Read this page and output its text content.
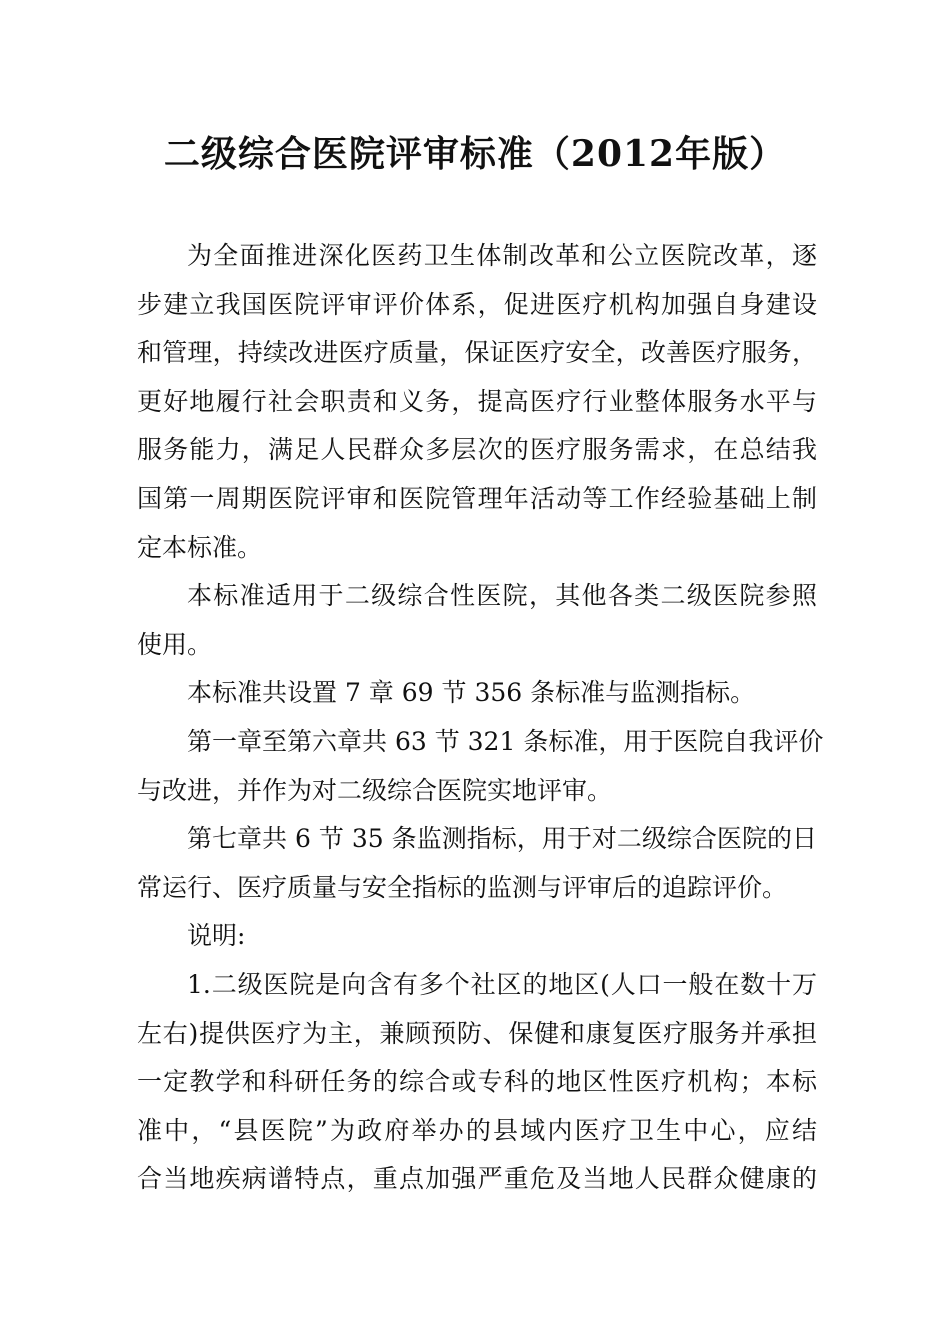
二级综合医院评审标准（2012年版）
为全面推进深化医药卫生体制改革和公立医院改革，逐
步建立我国医院评审评价体系，促进医疗机构加强自身建设
和管理，持续改进医疗质量，保证医疗安全，改善医疗服务，
更好地履行社会职责和义务，提高医疗行业整体服务水平与
服务能力，满足人民群众多层次的医疗服务需求，在总结我
国第一周期医院评审和医院管理年活动等工作经验基础上制
定本标准。
本标准适用于二级综合性医院，其他各类二级医院参照
使用。
本标准共设置 7 章 69 节 356 条标准与监测指标。
第一章至第六章共 63 节 321 条标准，用于医院自我评价
与改进，并作为对二级综合医院实地评审。
第七章共 6 节 35 条监测指标，用于对二级综合医院的日
常运行、医疗质量与安全指标的监测与评审后的追踪评价。
说明:
1.二级医院是向含有多个社区的地区(人口一般在数十万
左右)提供医疗为主，兼顾预防、保健和康复医疗服务并承担
一定教学和科研任务的综合或专科的地区性医疗机构；本标
准中，“县医院”为政府举办的县域内医疗卫生中心，应结
合当地疾病谱特点，重点加强严重危及当地人民群众健康的
